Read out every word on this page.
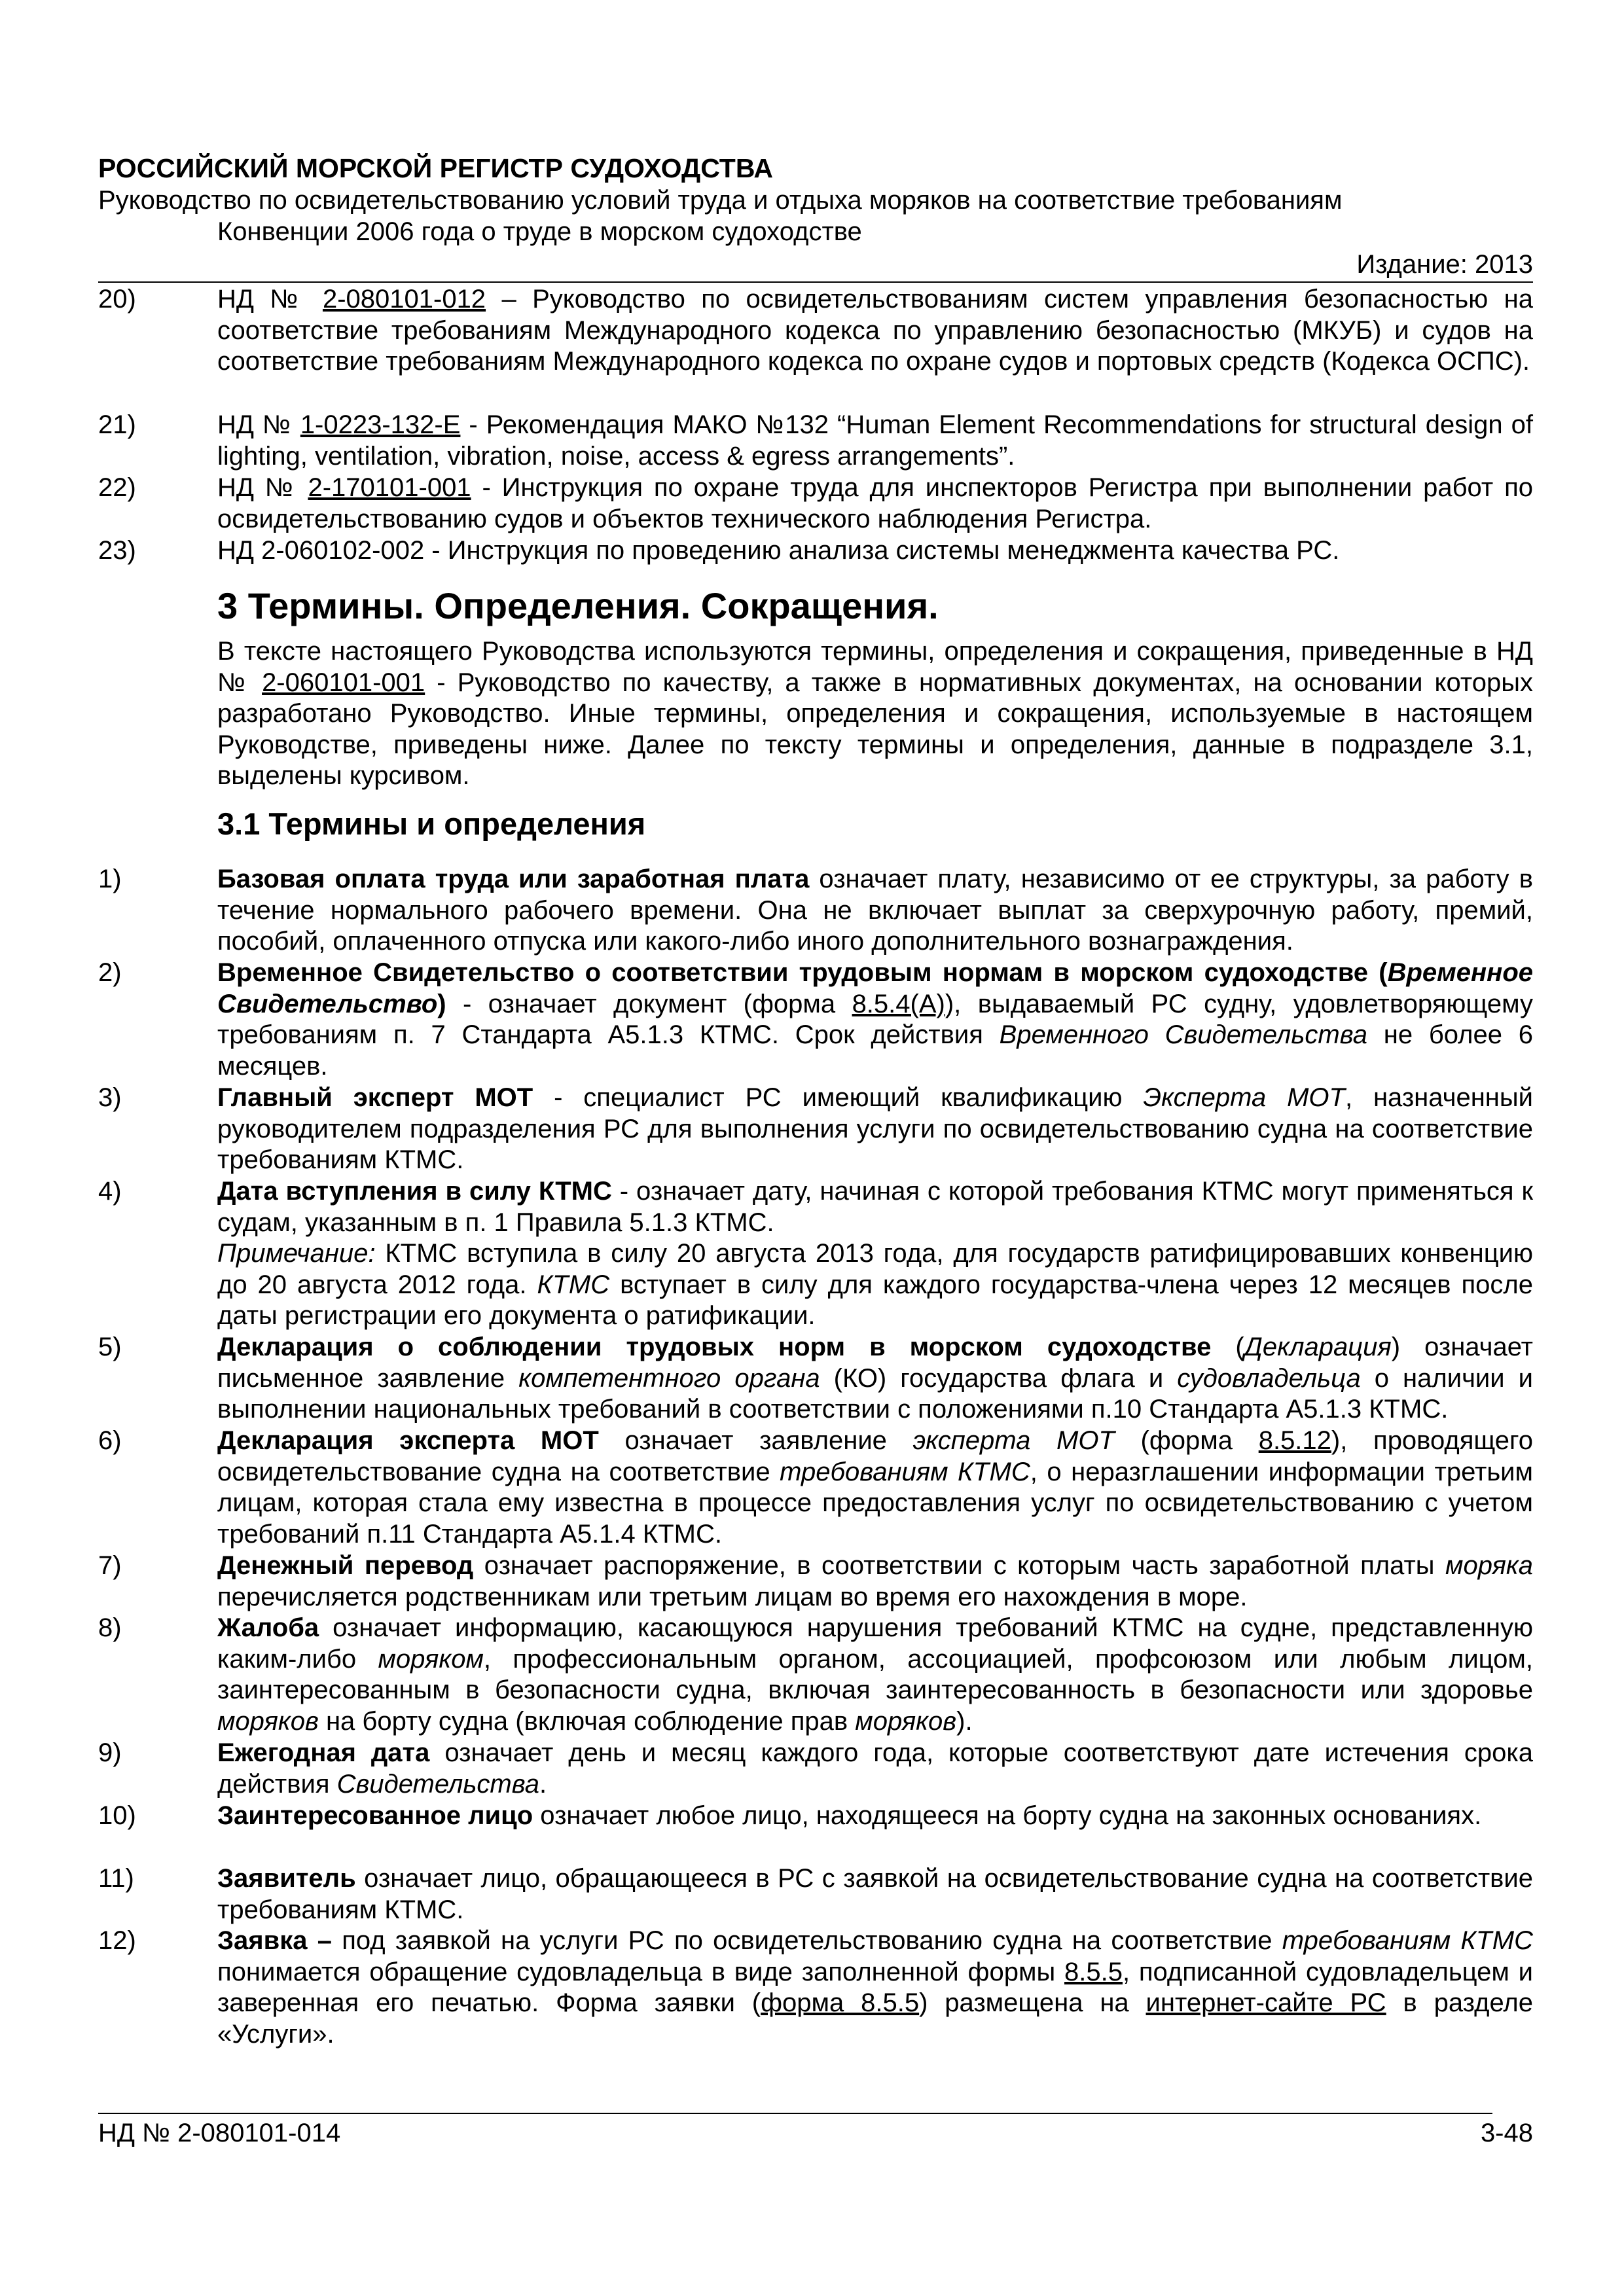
РОССИЙСКИЙ МОРСКОЙ РЕГИСТР СУДОХОДСТВА
Руководство по освидетельствованию условий труда и отдыха моряков на соответствие требованиям
Конвенции 2006 года о труде в морском судоходстве
Издание: 2013
20)	НД № 2-080101-012 – Руководство по освидетельствованиям систем управления безопасностью на соответствие требованиям Международного кодекса по управлению безопасностью (МКУБ) и судов на соответствие требованиям Международного кодекса по охране судов и портовых средств (Кодекса ОСПС).
21)	НД № 1-0223-132-Е - Рекомендация МАКО №132 “Human Element Recommendations for structural design of lighting, ventilation, vibration, noise, access & egress arrangements”.
22)	НД № 2-170101-001 - Инструкция по охране труда для инспекторов Регистра при выполнении работ по освидетельствованию судов и объектов технического наблюдения Регистра.
23)	НД 2-060102-002 - Инструкция по проведению анализа системы менеджмента качества РС.
3 Термины. Определения. Сокращения.
В тексте настоящего Руководства используются термины, определения и сокращения, приведенные в НД № 2-060101-001 - Руководство по качеству, а также в нормативных документах, на основании которых разработано Руководство. Иные термины, определения и сокращения, используемые в настоящем Руководстве, приведены ниже. Далее по тексту термины и определения, данные в подразделе 3.1, выделены курсивом.
3.1 Термины и определения
1)	Базовая оплата труда или заработная плата означает плату, независимо от ее структуры, за работу в течение нормального рабочего времени. Она не включает выплат за сверхурочную работу, премий, пособий, оплаченного отпуска или какого-либо иного дополнительного вознаграждения.
2)	Временное Свидетельство о соответствии трудовым нормам в морском судоходстве (Временное Свидетельство) - означает документ (форма 8.5.4(А)), выдаваемый РС судну, удовлетворяющему требованиям п. 7 Стандарта A5.1.3 КТМС. Срок действия Временного Свидетельства не более 6 месяцев.
3)	Главный эксперт МОТ - специалист РС имеющий квалификацию Эксперта МОТ, назначенный руководителем подразделения РС для выполнения услуги по освидетельствованию судна на соответствие требованиям КТМС.
4)	Дата вступления в силу КТМС - означает дату, начиная с которой требования КТМС могут применяться к судам, указанным в п. 1 Правила 5.1.3 КТМС.
Примечание: КТМС вступила в силу 20 августа 2013 года, для государств ратифицировавших конвенцию до 20 августа 2012 года. КТМС вступает в силу для каждого государства-члена через 12 месяцев после даты регистрации его документа о ратификации.
5)	Декларация о соблюдении трудовых норм в морском судоходстве (Декларация) означает письменное заявление компетентного органа (КО) государства флага и судовладельца о наличии и выполнении национальных требований в соответствии с положениями п.10 Стандарта A5.1.3 КТМС.
6)	Декларация эксперта МОТ означает заявление эксперта МОТ (форма 8.5.12), проводящего освидетельствование судна на соответствие требованиям КТМС, о неразглашении информации третьим лицам, которая стала ему известна в процессе предоставления услуг по освидетельствованию с учетом требований п.11 Стандарта A5.1.4 КТМС.
7)	Денежный перевод означает распоряжение, в соответствии с которым часть заработной платы моряка перечисляется родственникам или третьим лицам во время его нахождения в море.
8)	Жалоба означает информацию, касающуюся нарушения требований КТМС на судне, представленную каким-либо моряком, профессиональным органом, ассоциацией, профсоюзом или любым лицом, заинтересованным в безопасности судна, включая заинтересованность в безопасности или здоровье моряков на борту судна (включая соблюдение прав моряков).
9)	Ежегодная дата означает день и месяц каждого года, которые соответствуют дате истечения срока действия Свидетельства.
10)	Заинтересованное лицо означает любое лицо, находящееся на борту судна на законных основаниях.
11)	Заявитель означает лицо, обращающееся в РС с заявкой на освидетельствование судна на соответствие требованиям КТМС.
12)	Заявка – под заявкой на услуги РС по освидетельствованию судна на соответствие требованиям КТМС понимается обращение судовладельца в виде заполненной формы 8.5.5, подписанной судовладельцем и заверенная его печатью. Форма заявки (форма 8.5.5) размещена на интернет-сайте РС в разделе «Услуги».
НД № 2-080101-014	3-48
